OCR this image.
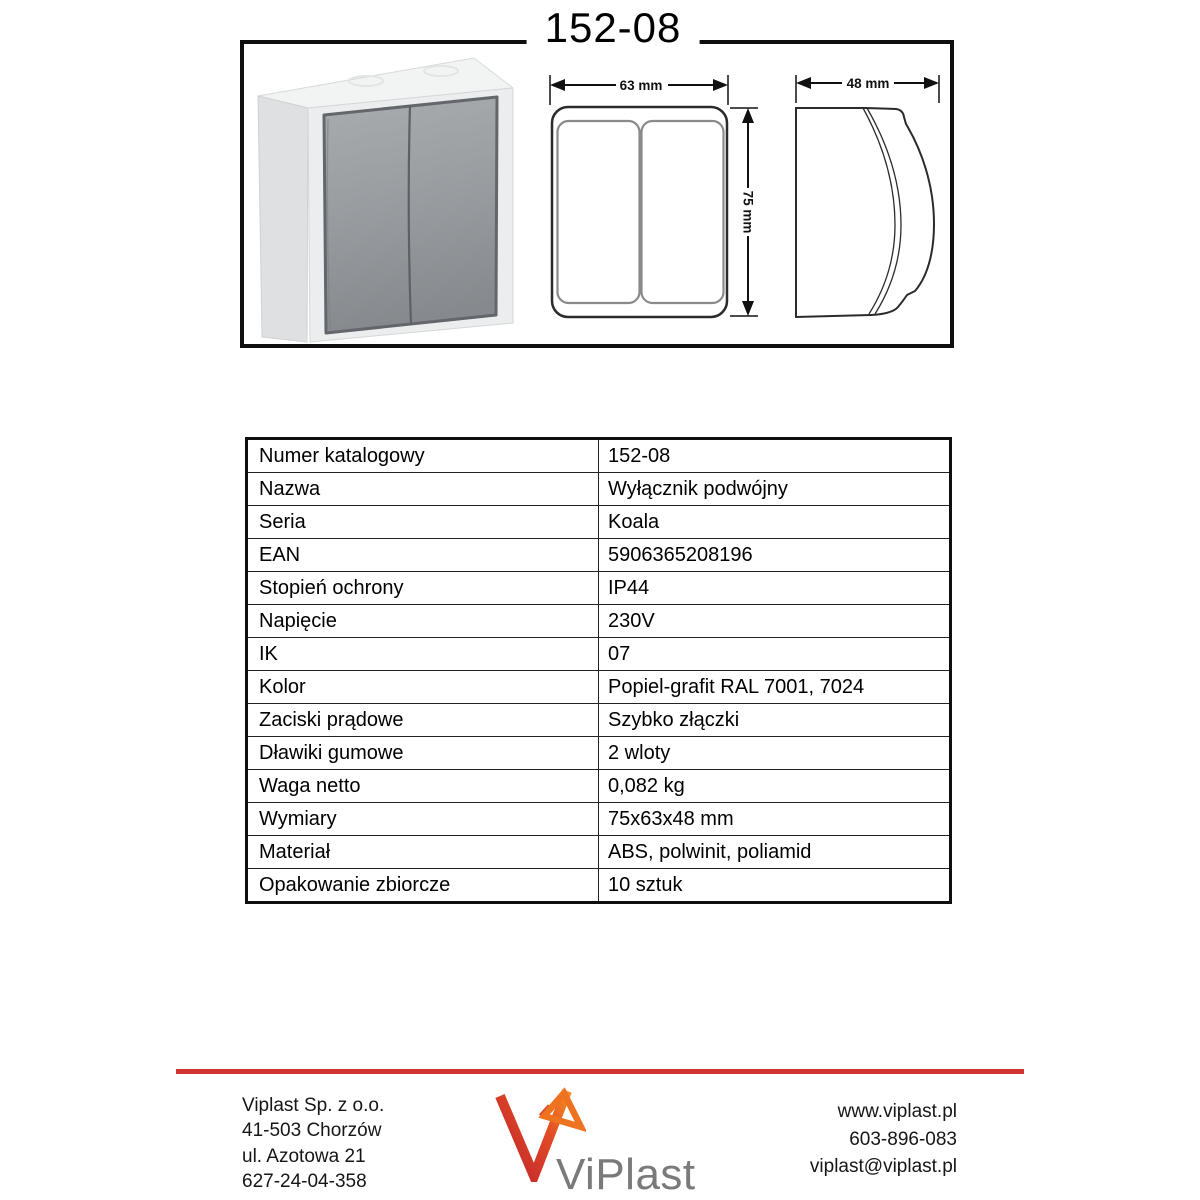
152-08
63 mm
75 mm
48 mm
Numer katalogowy	152-08
Nazwa	Wyłącznik podwójny
Seria	Koala
EAN	5906365208196
Stopień ochrony	IP44
Napięcie	230V
IK	07
Kolor	Popiel-grafit RAL 7001, 7024
Zaciski prądowe	Szybko złączki
Dławiki gumowe	2 wloty
Waga netto	0,082 kg
Wymiary	75x63x48 mm
Materiał	ABS, polwinit, poliamid
Opakowanie zbiorcze	10 sztuk
Viplast Sp. z o.o.
41-503 Chorzów
ul. Azotowa 21
627-24-04-358	ViPlast
www.viplast.pl
603-896-083
viplast@viplast.pl
